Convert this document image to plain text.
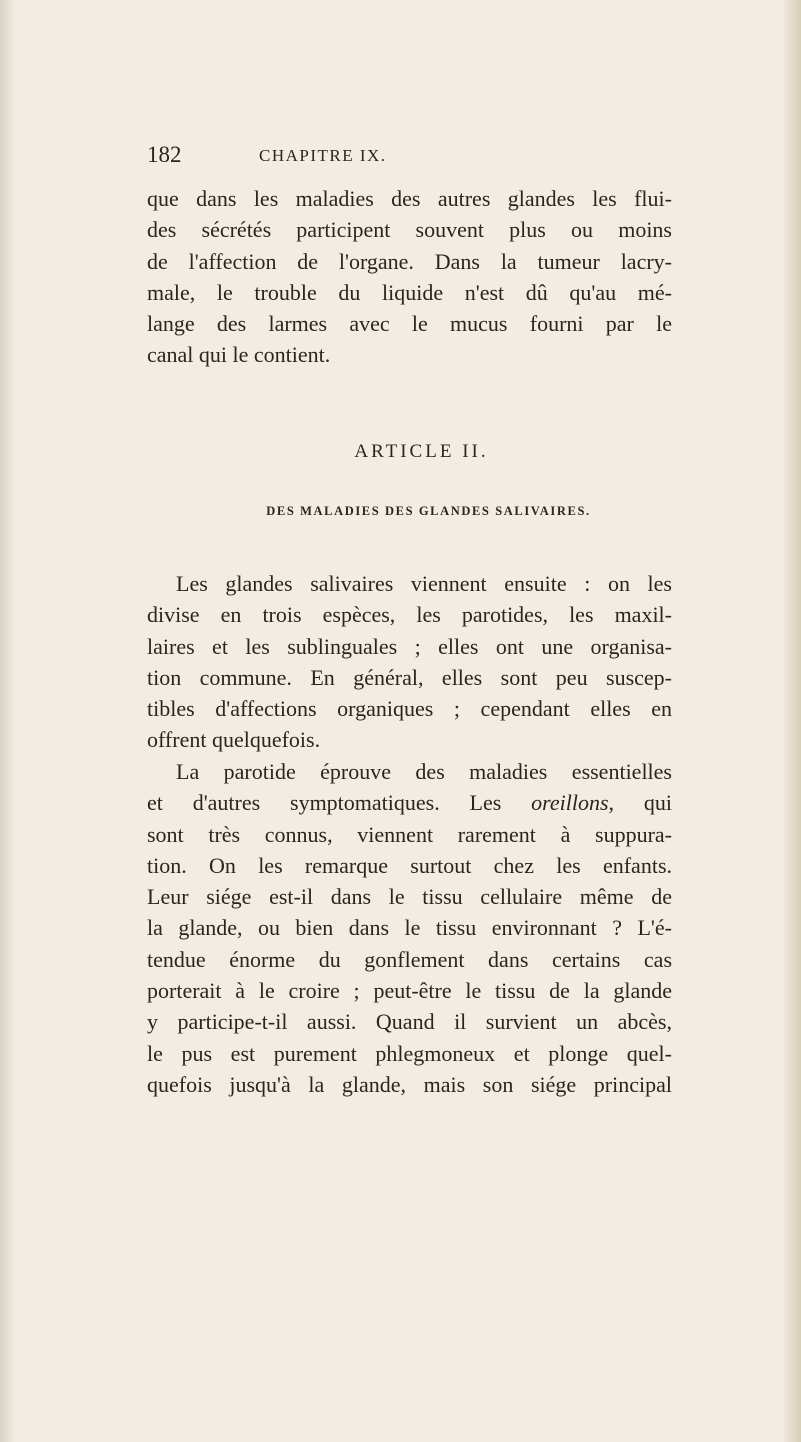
182	CHAPITRE IX.

que dans les maladies des autres glandes les flui-
des sécrétés participent souvent plus ou moins
de l'affection de l'organe. Dans la tumeur lacry-
male, le trouble du liquide n'est dû qu'au mé-
lange des larmes avec le mucus fourni par le
canal qui le contient.

ARTICLE II.
DES MALADIES DES GLANDES SALIVAIRES.

Les glandes salivaires viennent ensuite : on les
divise en trois espèces, les parotides, les maxil-
laires et les sublinguales ; elles ont une organisa-
tion commune. En général, elles sont peu suscep-
tibles d'affections organiques ; cependant elles en
offrent quelquefois.

La parotide éprouve des maladies essentielles
et d'autres symptomatiques. Les oreillons, qui
sont très connus, viennent rarement à suppura-
tion. On les remarque surtout chez les enfants.
Leur siége est-il dans le tissu cellulaire même de
la glande, ou bien dans le tissu environnant ? L'é-
tendue énorme du gonflement dans certains cas
porterait à le croire ; peut-être le tissu de la glande
y participe-t-il aussi. Quand il survient un abcès,
le pus est purement phlegmoneux et plonge quel-
quefois jusqu'à la glande, mais son siége principal
